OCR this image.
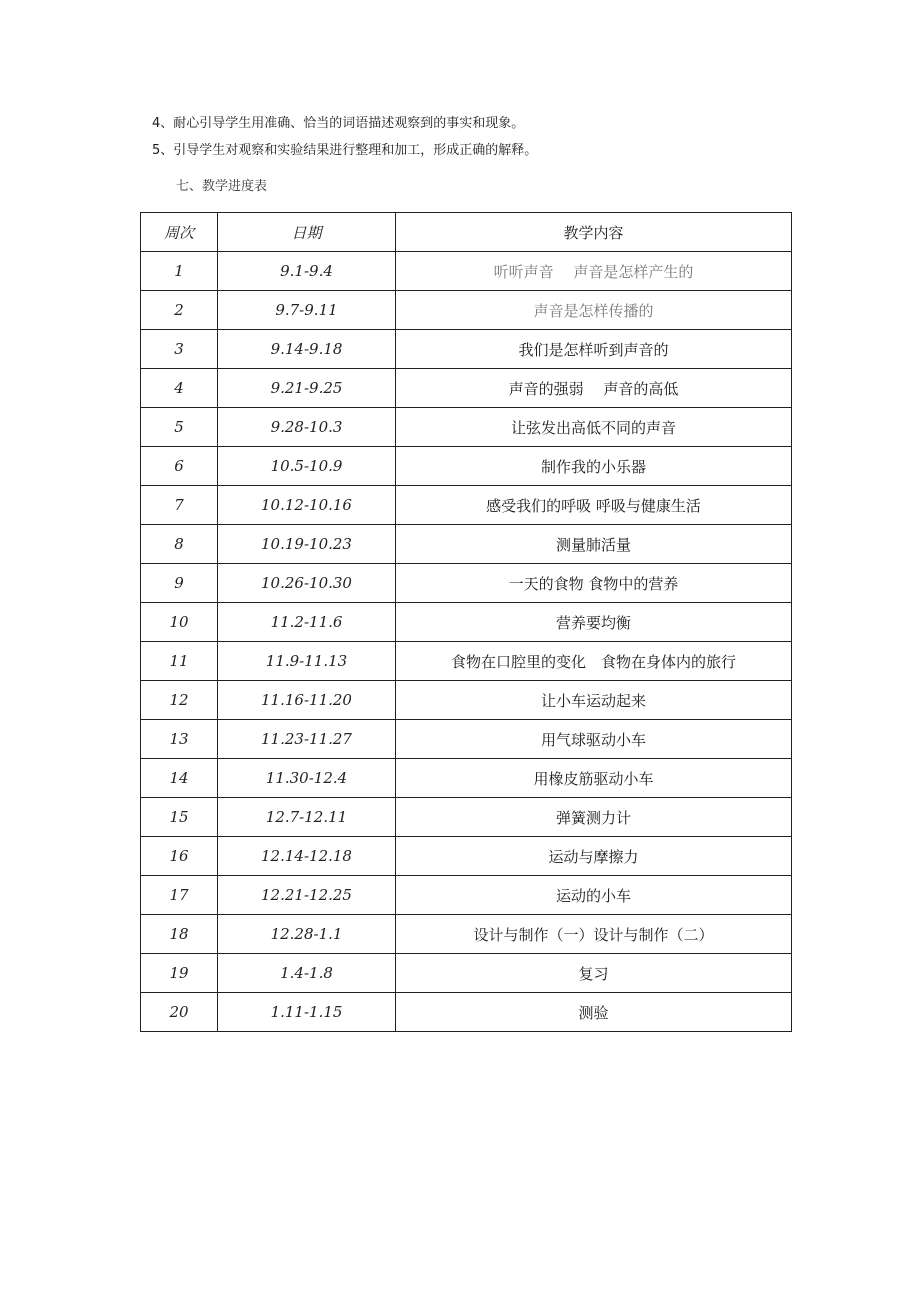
4、耐心引导学生用准确、恰当的词语描述观察到的事实和现象。
5、引导学生对观察和实验结果进行整理和加工，形成正确的解释。
七、教学进度表
周次	日期	教学内容
1	9.1-9.4	听听声音　 声音是怎样产生的
2	9.7-9.11	声音是怎样传播的
3	9.14-9.18	我们是怎样听到声音的
4	9.21-9.25	声音的强弱　 声音的高低
5	9.28-10.3	让弦发出高低不同的声音
6	10.5-10.9	制作我的小乐器
7	10.12-10.16	感受我们的呼吸 呼吸与健康生活
8	10.19-10.23	测量肺活量
9	10.26-10.30	一天的食物 食物中的营养
10	11.2-11.6	营养要均衡
11	11.9-11.13	食物在口腔里的变化　食物在身体内的旅行
12	11.16-11.20	让小车运动起来
13	11.23-11.27	用气球驱动小车
14	11.30-12.4	用橡皮筋驱动小车
15	12.7-12.11	弹簧测力计
16	12.14-12.18	运动与摩擦力
17	12.21-12.25	运动的小车
18	12.28-1.1	设计与制作（一）设计与制作（二）
19	1.4-1.8	复习
20	1.11-1.15	测验
